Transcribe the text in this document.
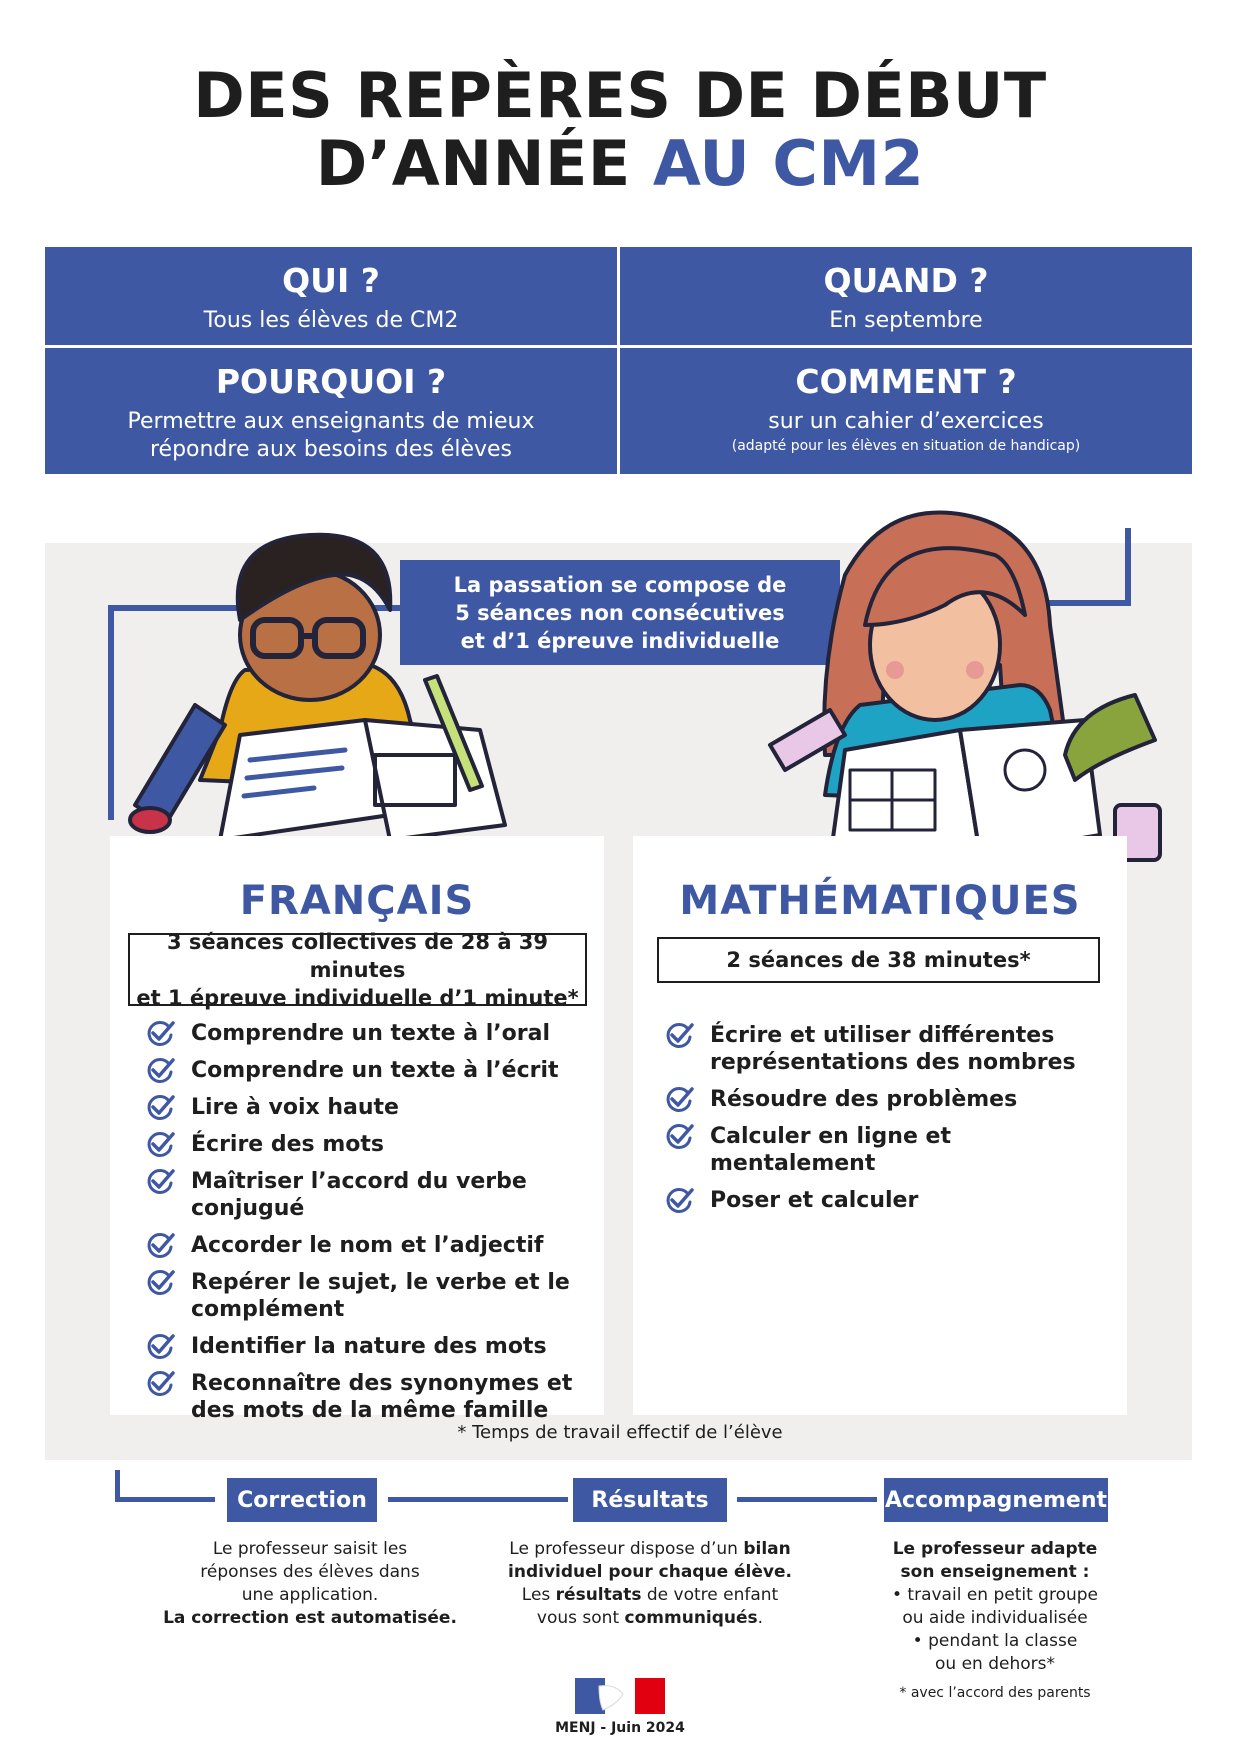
DES REPÈRES DE DÉBUT
D’ANNÉE AU CM2
QUI ?
Tous les élèves de CM2
QUAND ?
En septembre
POURQUOI ?
Permettre aux enseignants de mieux répondre aux besoins des élèves
COMMENT ?
sur un cahier d’exercices
(adapté pour les élèves en situation de handicap)
La passation se compose de
5 séances non consécutives
et d’1 épreuve individuelle
FRANÇAIS	MATHÉMATIQUES
3 séances collectives de 28 à 39 minutes
et 1 épreuve individuelle d’1 minute*
2 séances de 38 minutes*
Comprendre un texte à l’oral
Comprendre un texte à l’écrit
Lire à voix haute
Écrire des mots
Maîtriser l’accord du verbe conjugué
Accorder le nom et l’adjectif
Repérer le sujet, le verbe et le complément
Identifier la nature des mots
Reconnaître des synonymes et des mots de la même famille
Écrire et utiliser différentes représentations des nombres
Résoudre des problèmes
Calculer en ligne et mentalement
Poser et calculer
* Temps de travail effectif de l’élève
Correction	Résultats	Accompagnement
Le professeur saisit les
réponses des élèves dans
une application.
La correction est automatisée.
Le professeur dispose d’un bilan
individuel pour chaque élève.
Les résultats de votre enfant
vous sont communiqués.
Le professeur adapte
son enseignement :
• travail en petit groupe
ou aide individualisée
• pendant la classe
ou en dehors*
* avec l’accord des parents
MENJ - Juin 2024
